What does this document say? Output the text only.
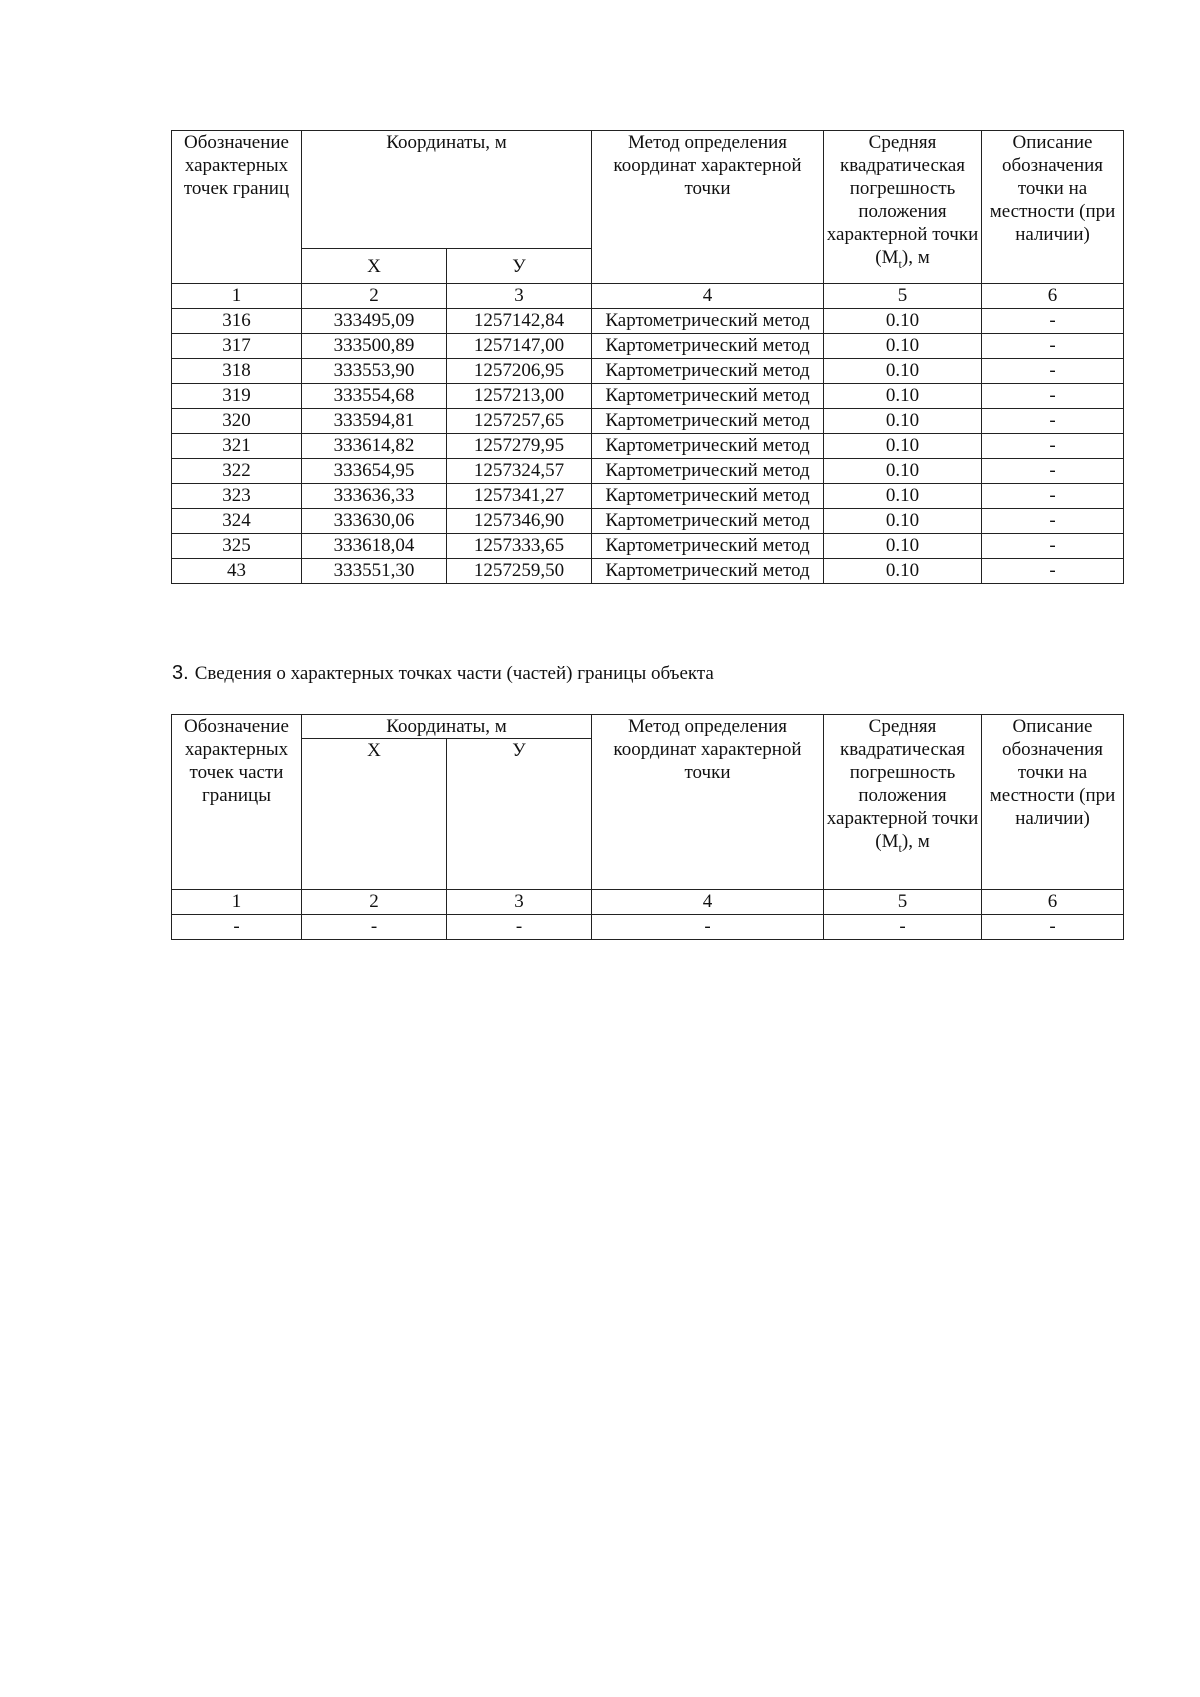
Обозначение характерных точек границ	Координаты, м		Метод определения координат характерной точки	Средняя квадратическая погрешность положения характерной точки $(M_t)$, м	Описание обозначения точки на местности (при наличии)
	Х	У			
1	2	3	4	5	6
316	333495,09	1257142,84	Картометрический метод	0.10	-
317	333500,89	1257147,00	Картометрический метод	0.10	-
318	333553,90	1257206,95	Картометрический метод	0.10	-
319	333554,68	1257213,00	Картометрический метод	0.10	-
320	333594,81	1257257,65	Картометрический метод	0.10	-
321	333614,82	1257279,95	Картометрический метод	0.10	-
322	333654,95	1257324,57	Картометрический метод	0.10	-
323	333636,33	1257341,27	Картометрический метод	0.10	-
324	333630,06	1257346,90	Картометрический метод	0.10	-
325	333618,04	1257333,65	Картометрический метод	0.10	-
43	333551,30	1257259,50	Картометрический метод	0.10	-
3. Сведения о характерных точках части (частей) границы объекта
Обозначение характерных точек части границы	Координаты, м		Метод определения координат характерной точки	Средняя квадратическая погрешность положения характерной точки $(M_t)$, м	Описание обозначения точки на местности (при наличии)
	Х	У			
1	2	3	4	5	6
-	-	-	-	-	-
